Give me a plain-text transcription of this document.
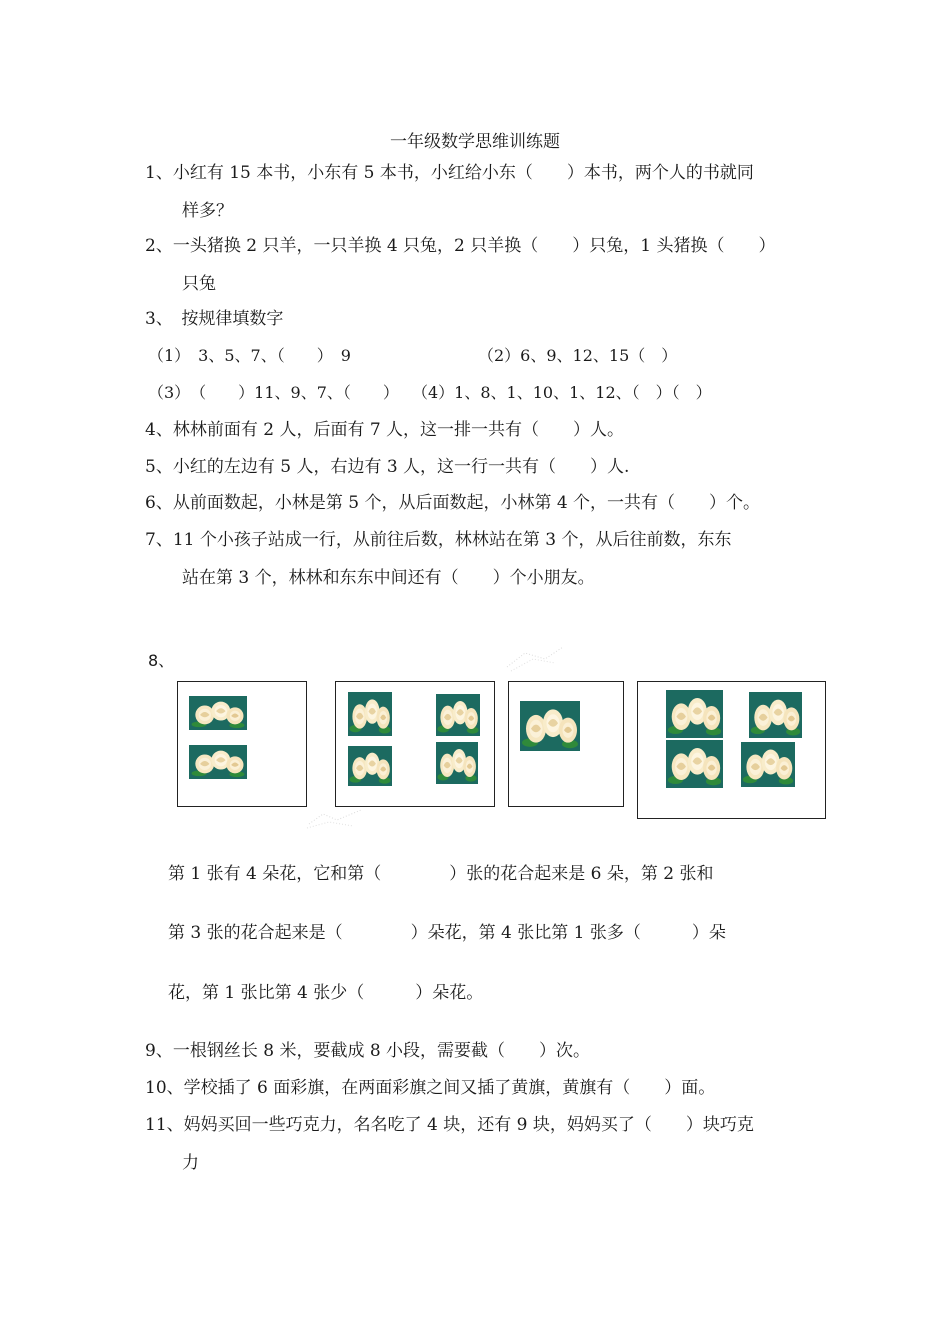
一年级数学思维训练题
1、小红有 15 本书，小东有 5 本书，小红给小东（　　）本书，两个人的书就同
样多？
2、一头猪换 2 只羊，一只羊换 4 只兔，2 只羊换（　　）只兔，1 头猪换（　　）
只兔
3、　按规律填数字
（1）　3、5、7、（　　）　9	（2）6、9、12、15（　）
（3）　（　　）11、9、7、（　　） （4）1、8、1、10、1、12、（　）（　）
4、林林前面有 2 人，后面有 7 人，这一排一共有（　　）人。
5、小红的左边有 5 人，右边有 3 人，这一行一共有（　　）人.
6、从前面数起，小林是第 5 个，从后面数起，小林第 4 个，一共有（　　）个。
7、11 个小孩子站成一行，从前往后数，林林站在第 3 个，从后往前数，东东
站在第 3 个，林林和东东中间还有（　　）个小朋友。
8、
第 1 张有 4 朵花，它和第（　　　　）张的花合起来是 6 朵，第 2 张和
第 3 张的花合起来是（　　　　）朵花，第 4 张比第 1 张多（　　　）朵
花，第 1 张比第 4 张少（　　　）朵花。
9、一根钢丝长 8 米，要截成 8 小段，需要截（　　）次。
10、学校插了 6 面彩旗，在两面彩旗之间又插了黄旗，黄旗有（　　）面。
11、妈妈买回一些巧克力，名名吃了 4 块，还有 9 块，妈妈买了（　　）块巧克
力
